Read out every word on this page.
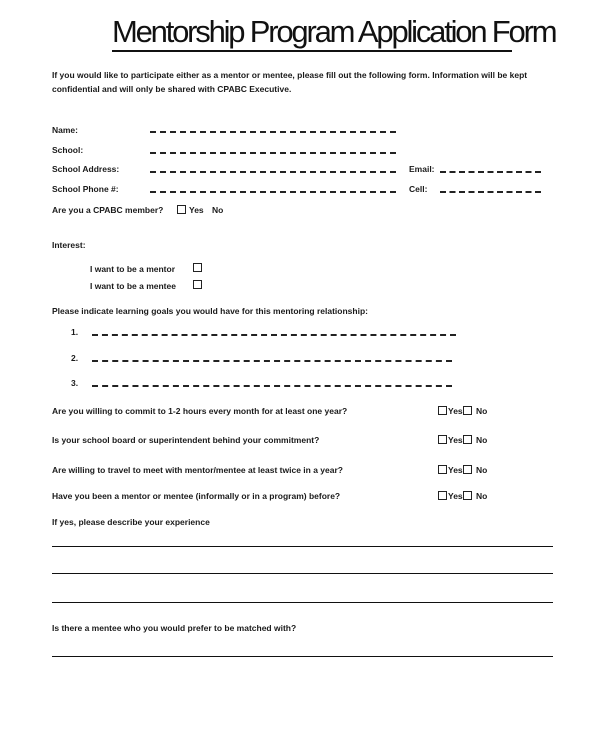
Mentorship Program Application Form
If you would like to participate either as a mentor or mentee, please fill out the following form. Information will be kept confidential and will only be shared with CPABC Executive.
Name:
School:
School Address:	Email:
School Phone #:	Cell:
Are you a CPABC member?	Yes No
Interest:
I want to be a mentor
I want to be a mentee
Please indicate learning goals you would have for this mentoring relationship:
1.
2.
3.
Are you willing to commit to 1-2 hours every month for at least one year?	Yes No
Is your school board or superintendent behind your commitment?	Yes No
Are willing to travel to meet with mentor/mentee at least twice in a year?	Yes No
Have you been a mentor or mentee (informally or in a program) before?	Yes No
If yes, please describe your experience
Is there a mentee who you would prefer to be matched with?
